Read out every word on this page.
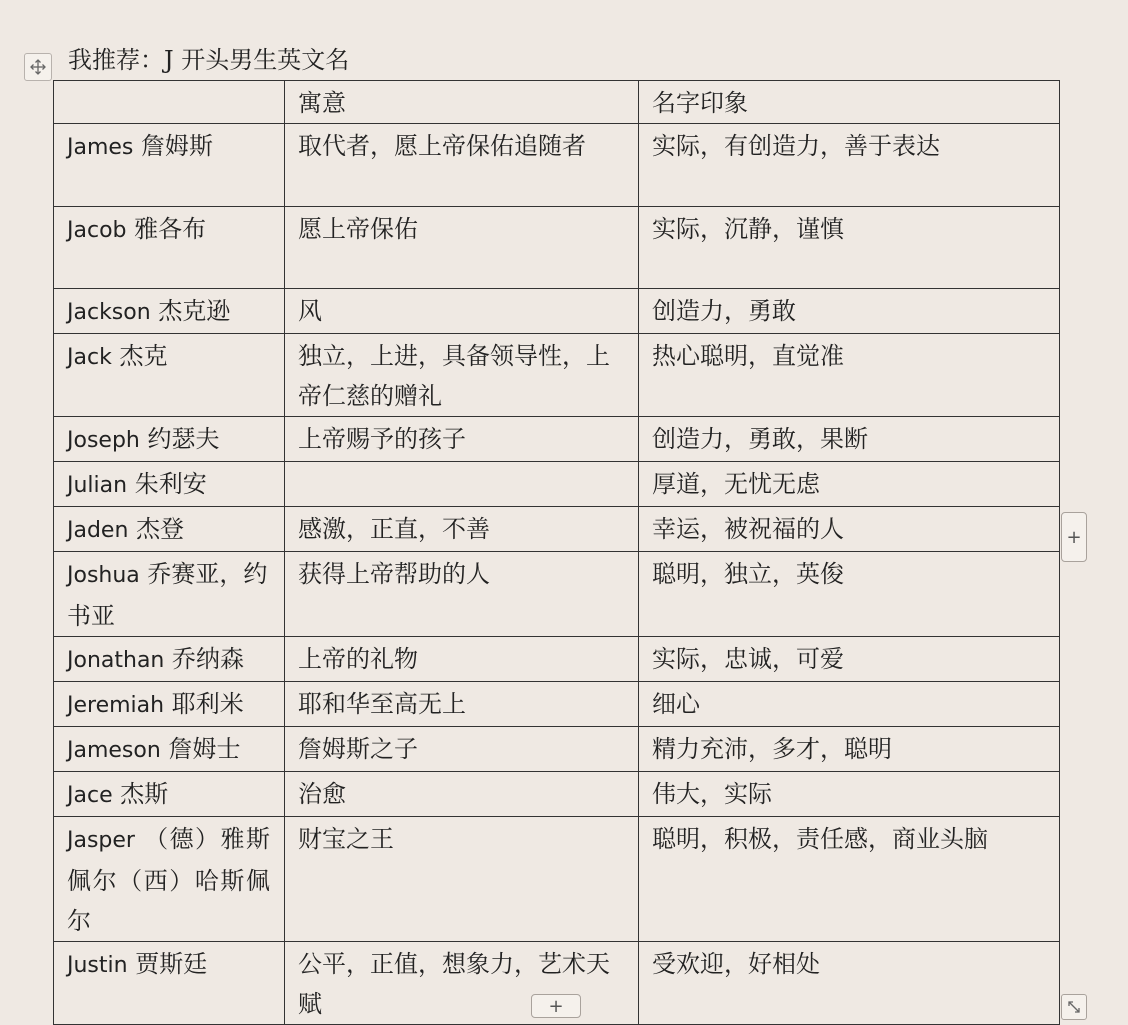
我推荐：J 开头男生英文名
	寓意	名字印象
James 詹姆斯	取代者，愿上帝保佑追随者	实际，有创造力，善于表达
Jacob 雅各布	愿上帝保佑	实际，沉静，谨慎
Jackson 杰克逊	风	创造力，勇敢
Jack 杰克	独立，上进，具备领导性，上帝仁慈的赠礼	热心聪明，直觉准
Joseph 约瑟夫	上帝赐予的孩子	创造力，勇敢，果断
Julian 朱利安		厚道，无忧无虑
Jaden 杰登	感激，正直，不善	幸运，被祝福的人
Joshua 乔赛亚，约书亚	获得上帝帮助的人	聪明，独立，英俊
Jonathan 乔纳森	上帝的礼物	实际，忠诚，可爱
Jeremiah 耶利米	耶和华至高无上	细心
Jameson 詹姆士	詹姆斯之子	精力充沛，多才，聪明
Jace 杰斯	治愈	伟大，实际
Jasper （德）雅斯佩尔（西）哈斯佩尔	财宝之王	聪明，积极，责任感，商业头脑
Justin 贾斯廷	公平，正值，想象力，艺术天赋	受欢迎，好相处
+
+
